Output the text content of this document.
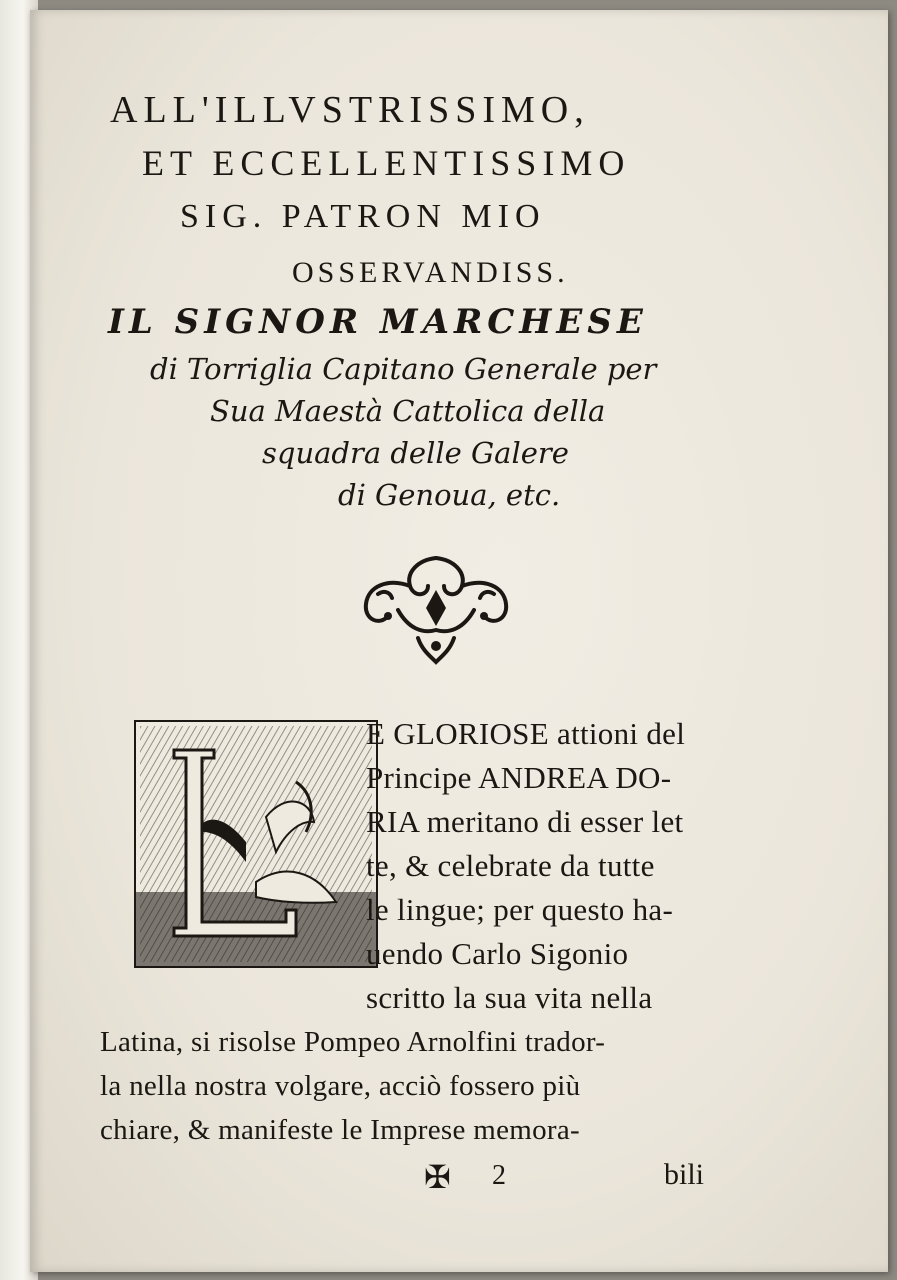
ALL'ILLVSTRISSIMO,
ET ECCELLENTISSIMO
SIG. PATRON MIO
OSSERVANDISS.
IL SIGNOR MARCHESE
di Torriglia Capitano Generale per
Sua Maestà Cattolica della
squadra delle Galere
di Genoua, etc.
E GLORIOSE attioni del
Principe ANDREA DO-
RIA meritano di esser let
te, & celebrate da tutte
le lingue; per questo ha-
uendo Carlo Sigonio
scritto la sua vita nella
Latina, si risolse Pompeo Arnolfini trador-
la nella nostra volgare, acciò fossero più
chiare, & manifeste le Imprese memora-
✠ 2	bili
